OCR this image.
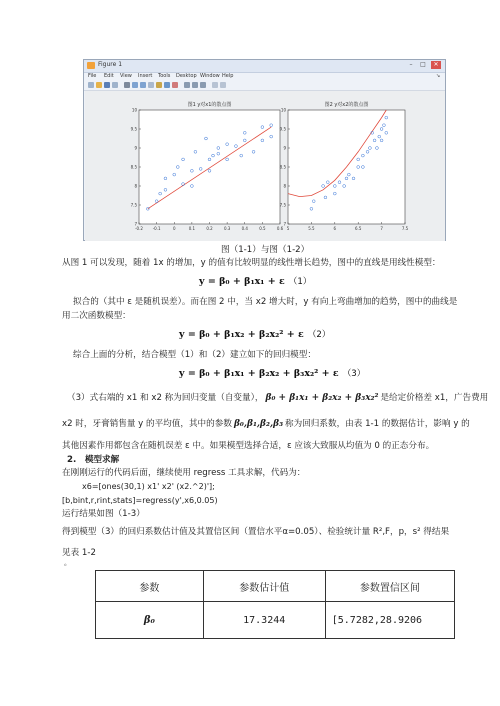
Figure 1	–	□	✕
File Edit View Insert Tools Desktop Window Help	↘
图1 y对x1的散点图
-0.2 -0.1	0	0.1	0.2	0.3	0.4	0.5	0.6
7
7.5
8
8.5
9
9.5
10
图2 y对x2的散点图
5	5.5	6	6.5	7	7.5
7
7.5
8
8.5
9
9.5
10
图（1-1）与图（1-2）
从图 1 可以发现，随着 1x 的增加，y 的值有比较明显的线性增长趋势，图中的直线是用线性模型：
y = β₀ + β₁x₁ + ε （1）
拟合的（其中 ε 是随机误差）。而在图 2 中，当 x2 增大时，y 有向上弯曲增加的趋势，图中的曲线是
用二次函数模型：
y = β₀ + β₁x₂ + β₂x₂² + ε （2）
综合上面的分析，结合模型（1）和（2）建立如下的回归模型：
y = β₀ + β₁x₁ + β₂x₂ + β₃x₂² + ε （3）
（3）式右端的 x1 和 x2 称为回归变量（自变量）， β₀ + β₁x₁ + β₂x₂ + β₃x₂² 是给定价格差 x1，广告费用
x2 时，牙膏销售量 y 的平均值，其中的参数 β₀,β₁,β₂,β₃ 称为回归系数，由表 1-1 的数据估计，影响 y 的
其他因素作用都包含在随机误差 ε 中。如果模型选择合适，ε 应该大致服从均值为 0 的正态分布。
2.　模型求解
在刚刚运行的代码后面，继续使用 regress 工具求解，代码为：
x6=[ones(30,1) x1' x2' (x2.^2)'];
[b,bint,r,rint,stats]=regress(y',x6,0.05)
运行结果如图（1-3）
得到模型（3）的回归系数估计值及其置信区间（置信水平α=0.05）、检验统计量 R²,F，p，s² 得结果
见表 1-2
。
参数	参数估计值	参数置信区间
β₀	17.3244	[5.7282,28.9206
